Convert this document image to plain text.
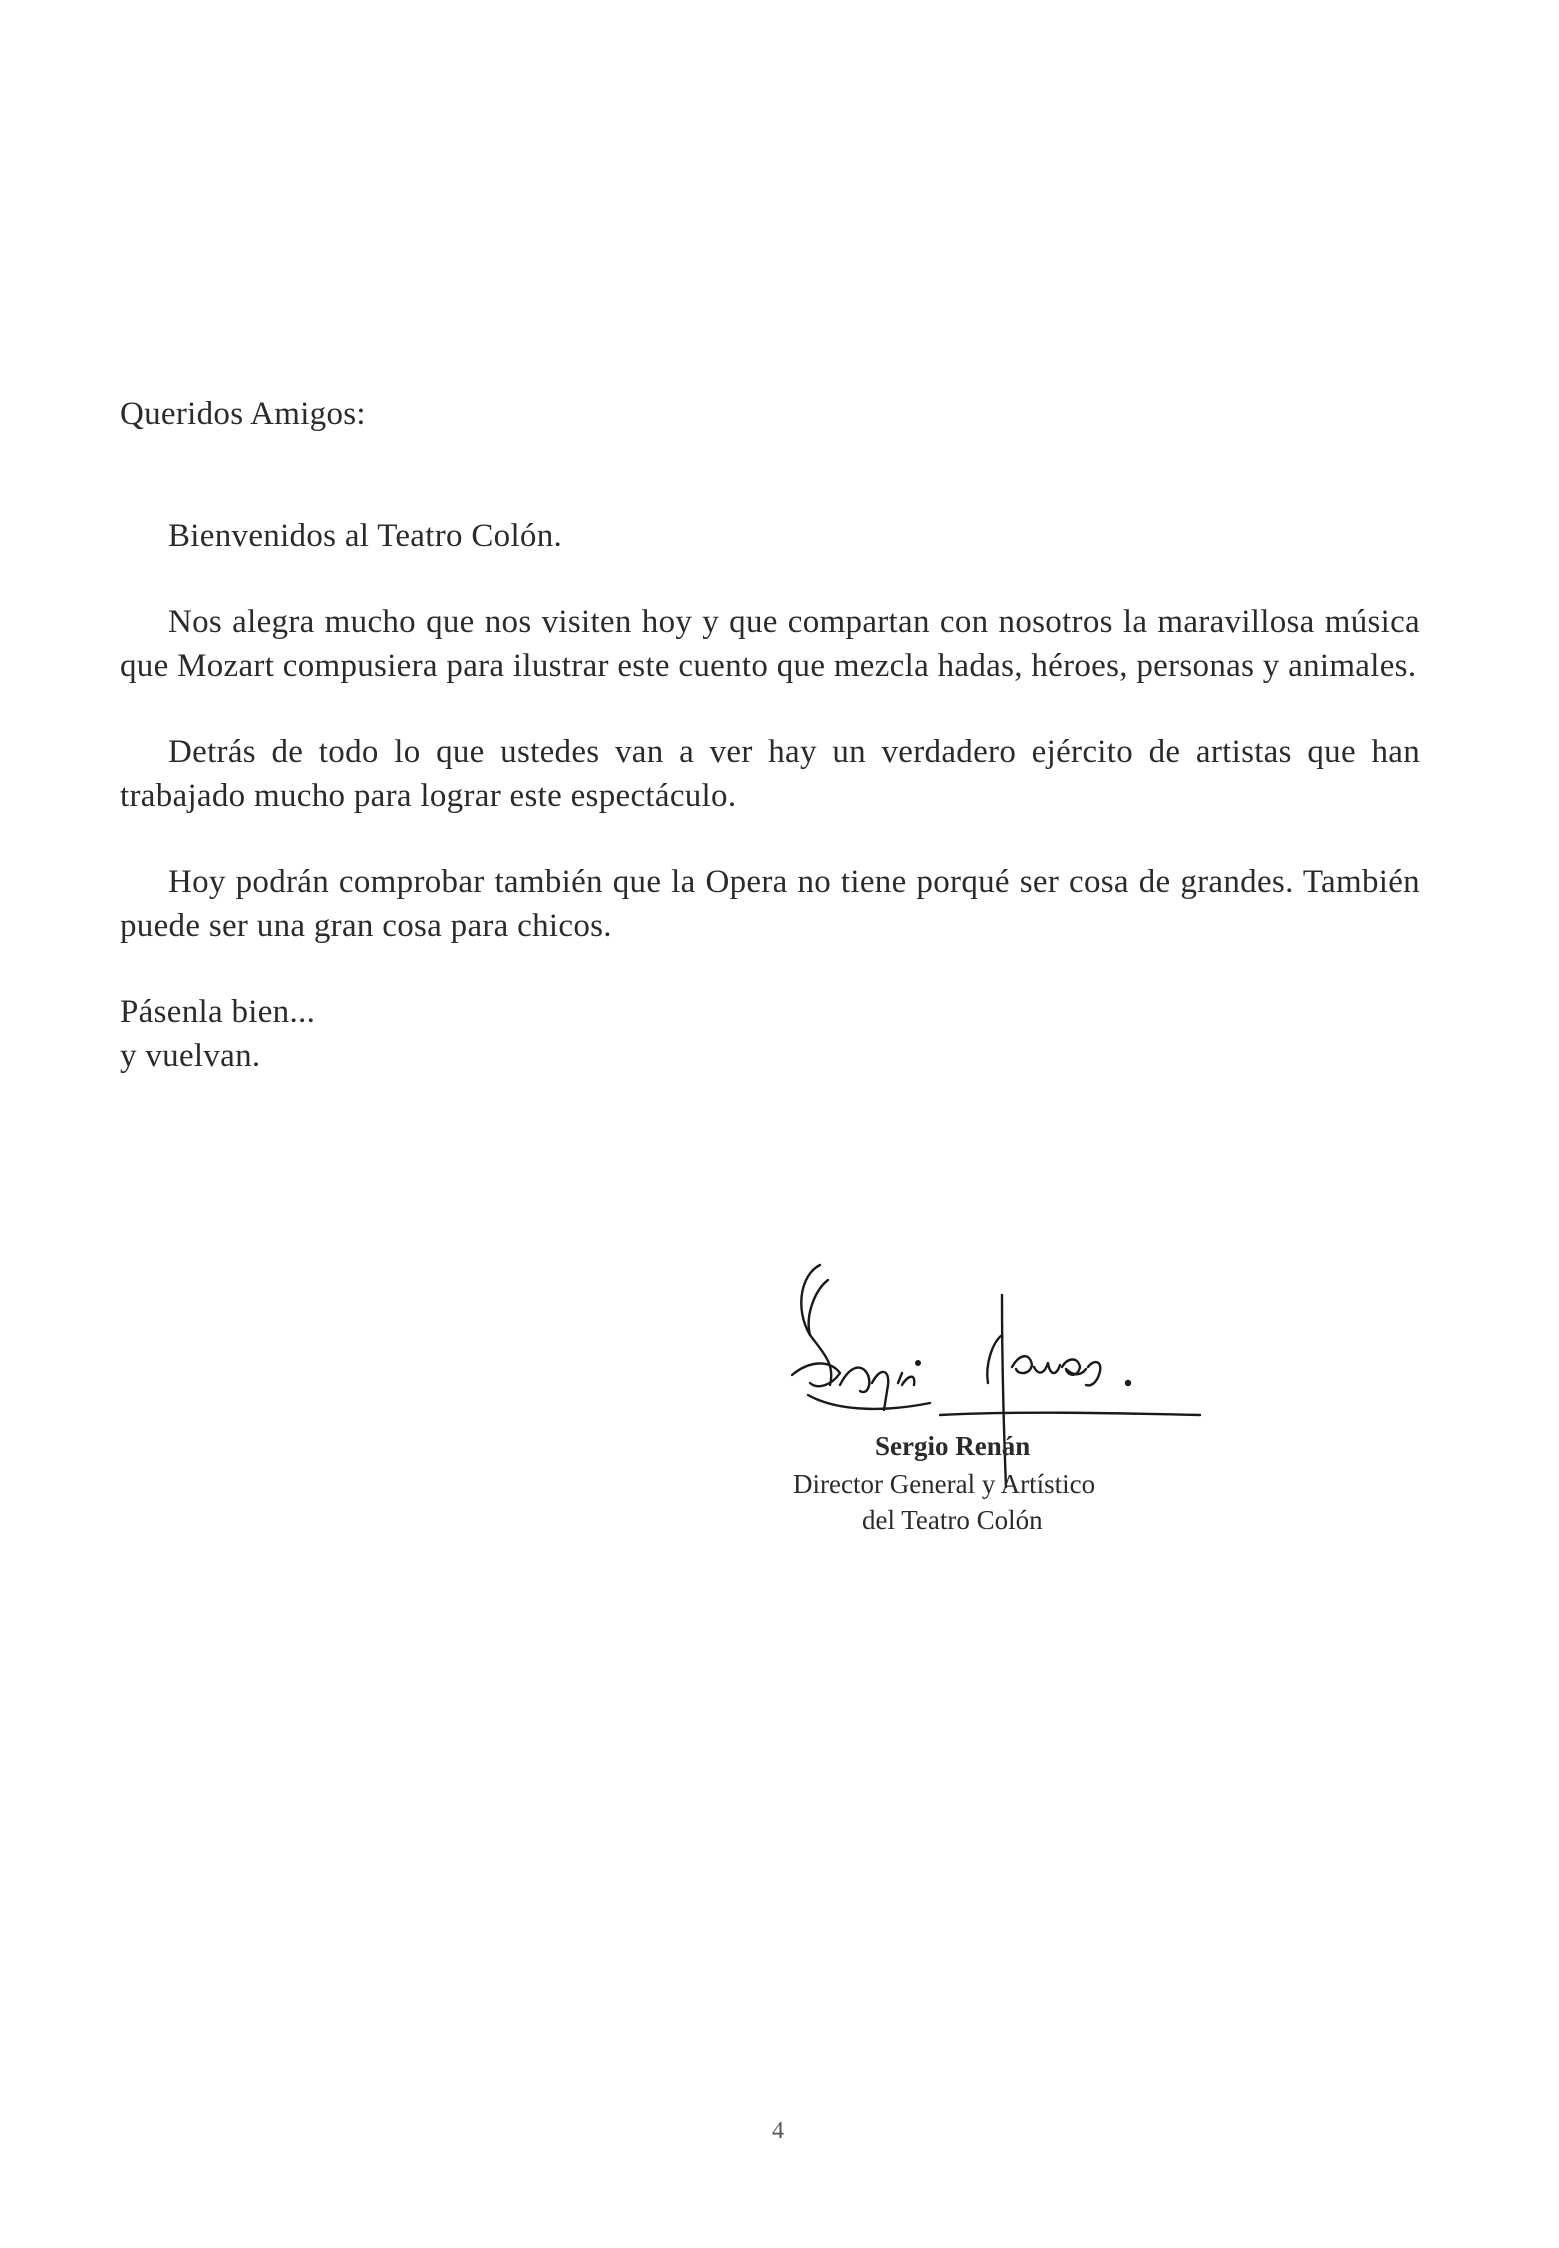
Queridos Amigos:

Bienvenidos al Teatro Colón.

Nos alegra mucho que nos visiten hoy y que compartan con nosotros la maravillosa música que Mozart compusiera para ilustrar este cuento que mezcla hadas, héroes, personas y animales.

Detrás de todo lo que ustedes van a ver hay un verdadero ejército de artistas que han trabajado mucho para lograr este espectáculo.

Hoy podrán comprobar también que la Opera no tiene porqué ser cosa de grandes. También puede ser una gran cosa para chicos.

Pásenla bien...
y vuelvan.

Sergio Renán
Director General y Artístico
del Teatro Colón
4
